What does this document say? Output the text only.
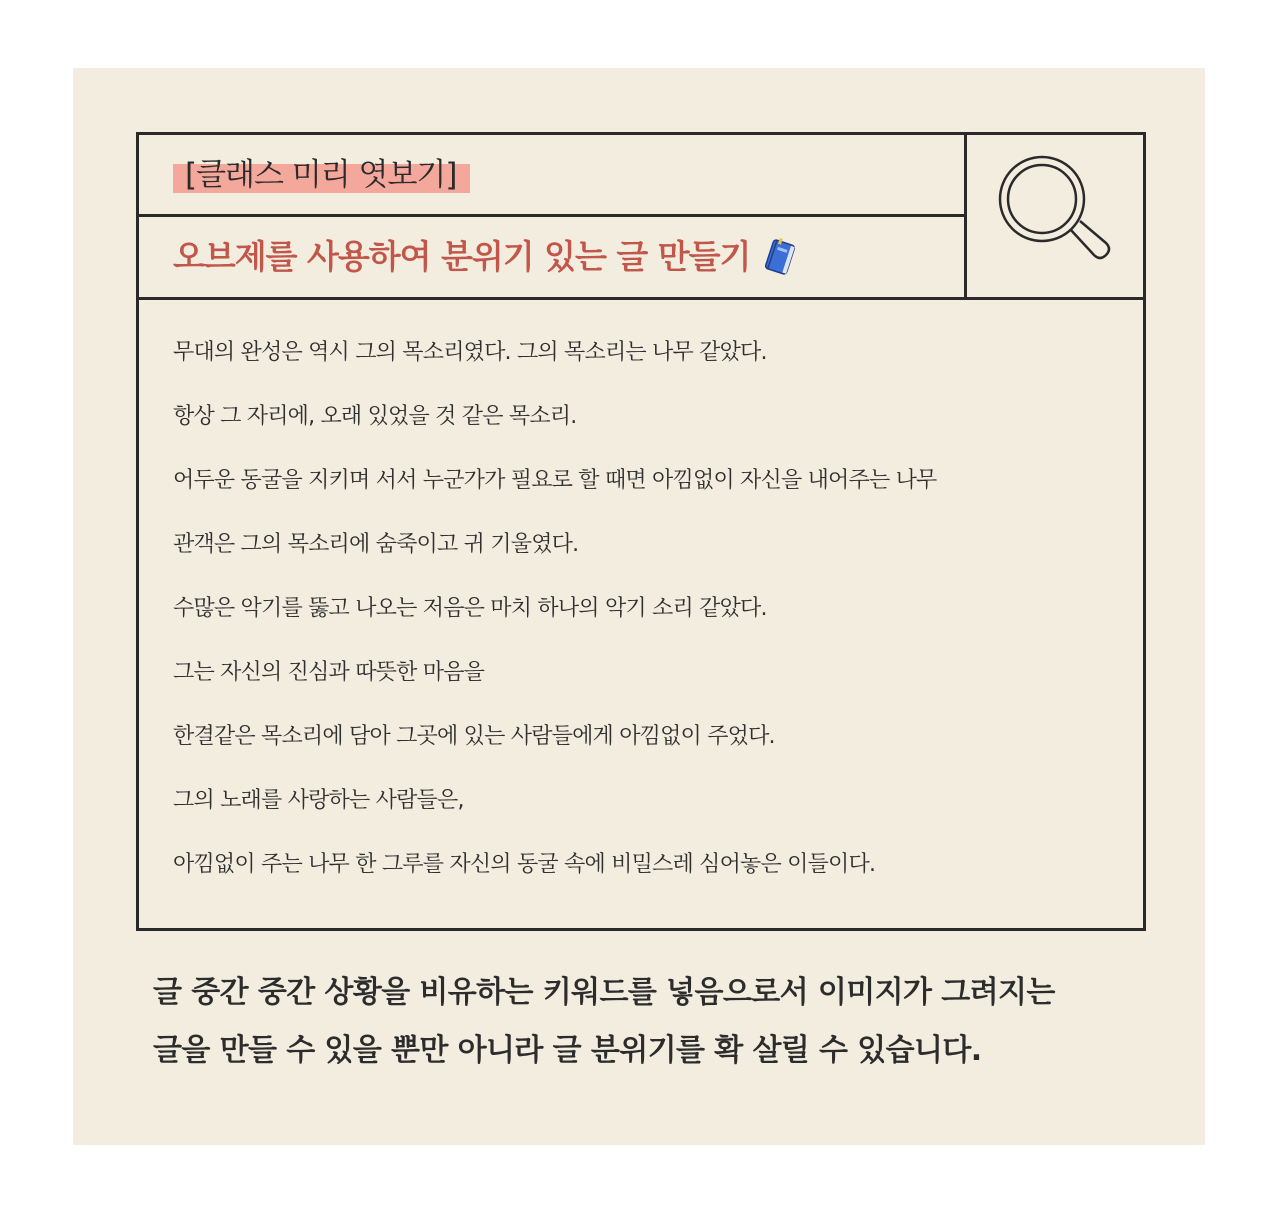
[클래스 미리 엿보기]
오브제를 사용하여 분위기 있는 글 만들기
무대의 완성은 역시 그의 목소리였다. 그의 목소리는 나무 같았다.
항상 그 자리에, 오래 있었을 것 같은 목소리.
어두운 동굴을 지키며 서서 누군가가 필요로 할 때면 아낌없이 자신을 내어주는 나무
관객은 그의 목소리에 숨죽이고 귀 기울였다.
수많은 악기를 뚫고 나오는 저음은 마치 하나의 악기 소리 같았다.
그는 자신의 진심과 따뜻한 마음을
한결같은 목소리에 담아 그곳에 있는 사람들에게 아낌없이 주었다.
그의 노래를 사랑하는 사람들은,
아낌없이 주는 나무 한 그루를 자신의 동굴 속에 비밀스레 심어놓은 이들이다.
글 중간 중간 상황을 비유하는 키워드를 넣음으로서 이미지가 그려지는
글을 만들 수 있을 뿐만 아니라 글 분위기를 확 살릴 수 있습니다.
